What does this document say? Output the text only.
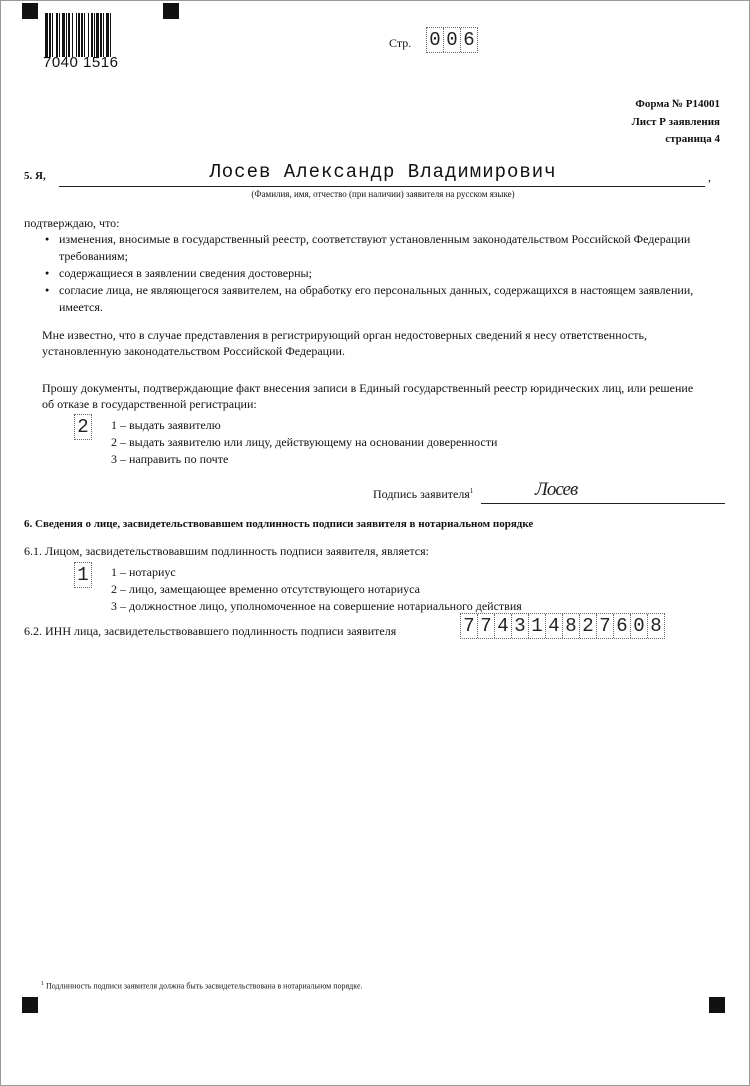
7040 1516
Стр. 0 0 6
Форма № Р14001
Лист Р заявления
страница 4
5. Я,	Лосев Александр Владимирович	,
(Фамилия, имя, отчество (при наличии) заявителя на русском языке)
подтверждаю, что:
● изменения, вносимые в государственный реестр, соответствуют установленным законодательством Российской Федерации
требованиям;
● содержащиеся в заявлении сведения достоверны;
● согласие лица, не являющегося заявителем, на обработку его персональных данных, содержащихся в настоящем заявлении,
имеется.
Мне известно, что в случае представления в регистрирующий орган недостоверных сведений я несу ответственность,
установленную законодательством Российской Федерации.
Прошу документы, подтверждающие факт внесения записи в Единый государственный реестр юридических лиц, или решение
об отказе в государственной регистрации:
2 1 – выдать заявителю
2 – выдать заявителю или лицу, действующему на основании доверенности
3 – направить по почте
Подпись заявителя$^1$	Лосев
6. Сведения о лице, засвидетельствовавшем подлинность подписи заявителя в нотариальном порядке
6.1. Лицом, засвидетельствовавшим подлинность подписи заявителя, является:
1 1 – нотариус
2 – лицо, замещающее временно отсутствующего нотариуса
3 – должностное лицо, уполномоченное на совершение нотариального действия
6.2. ИНН лица, засвидетельствовавшего подлинность подписи заявителя	7 7 4 3 1 4 8 2 7 6 0 8
$^1$ Подлинность подписи заявителя должна быть засвидетельствована в нотариальном порядке.
